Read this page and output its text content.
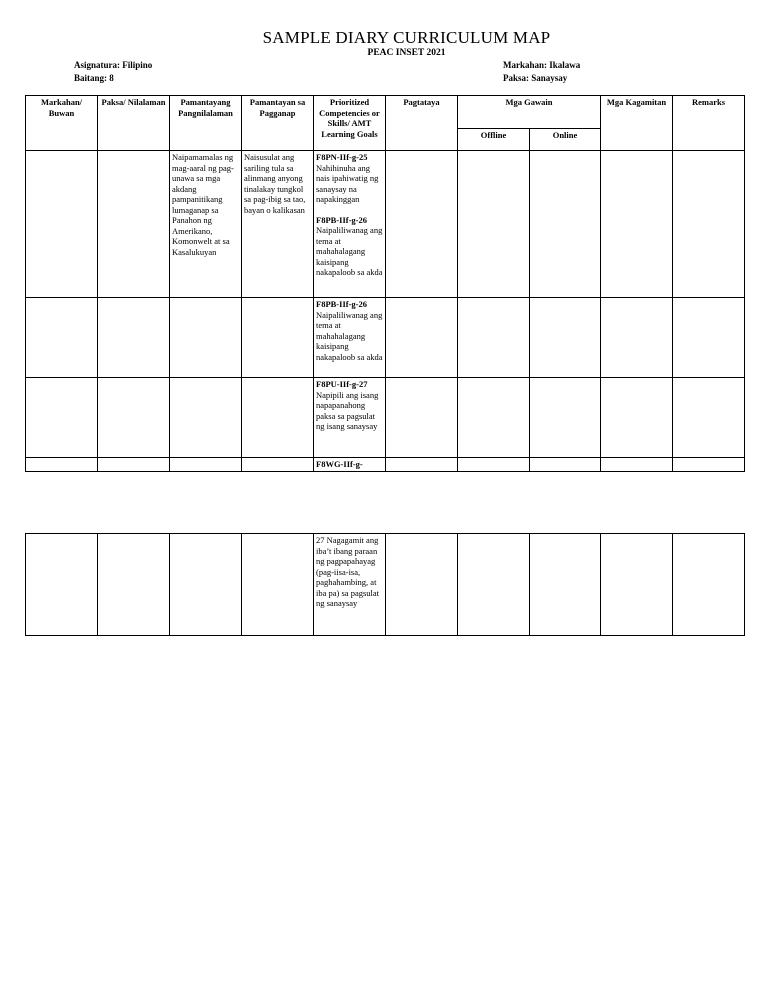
SAMPLE DIARY CURRICULUM MAP
PEAC INSET 2021
Asignatura: Filipino
Baitang: 8
Markahan: Ikalawa
Paksa: Sanaysay
Markahan/ Buwan	Paksa/ Nilalaman	Pamantayang Pangnilalaman	Pamantayan sa Pagganap	Prioritized Competencies or Skills/ AMT Learning Goals	Pagtataya	Mga Gawain		Mga Kagamitan	Remarks
						Offline	Online		
		Naipamamalas ng mag-aaral ng pag-unawa sa mga akdang pampanitikang lumaganap sa Panahon ng Amerikano, Komonwelt at sa Kasalukuyan	Naisusulat ang sariling tula sa alinmang anyong tinalakay tungkol sa pag-ibig sa tao, bayan o kalikasan	F8PN-IIf-g-25
Nahihinuha ang nais ipahiwatig ng sanaysay na napakinggan
F8PB-IIf-g-26
Naipaliliwanag ang tema at mahahalagang kaisipang nakapaloob sa akda					

				F8PB-IIf-g-26
Naipaliliwanag ang tema at mahahalagang kaisipang nakapaloob sa akda					

				F8PU-IIf-g-27
Napipili ang isang napapanahong paksa sa pagsulat ng isang sanaysay					

				F8WG-IIf-g-					
				27 Nagagamit ang iba’t ibang paraan ng pagpapahayag (pag-iisa-isa, paghahambing, at iba pa) sa pagsulat ng sanaysay					
